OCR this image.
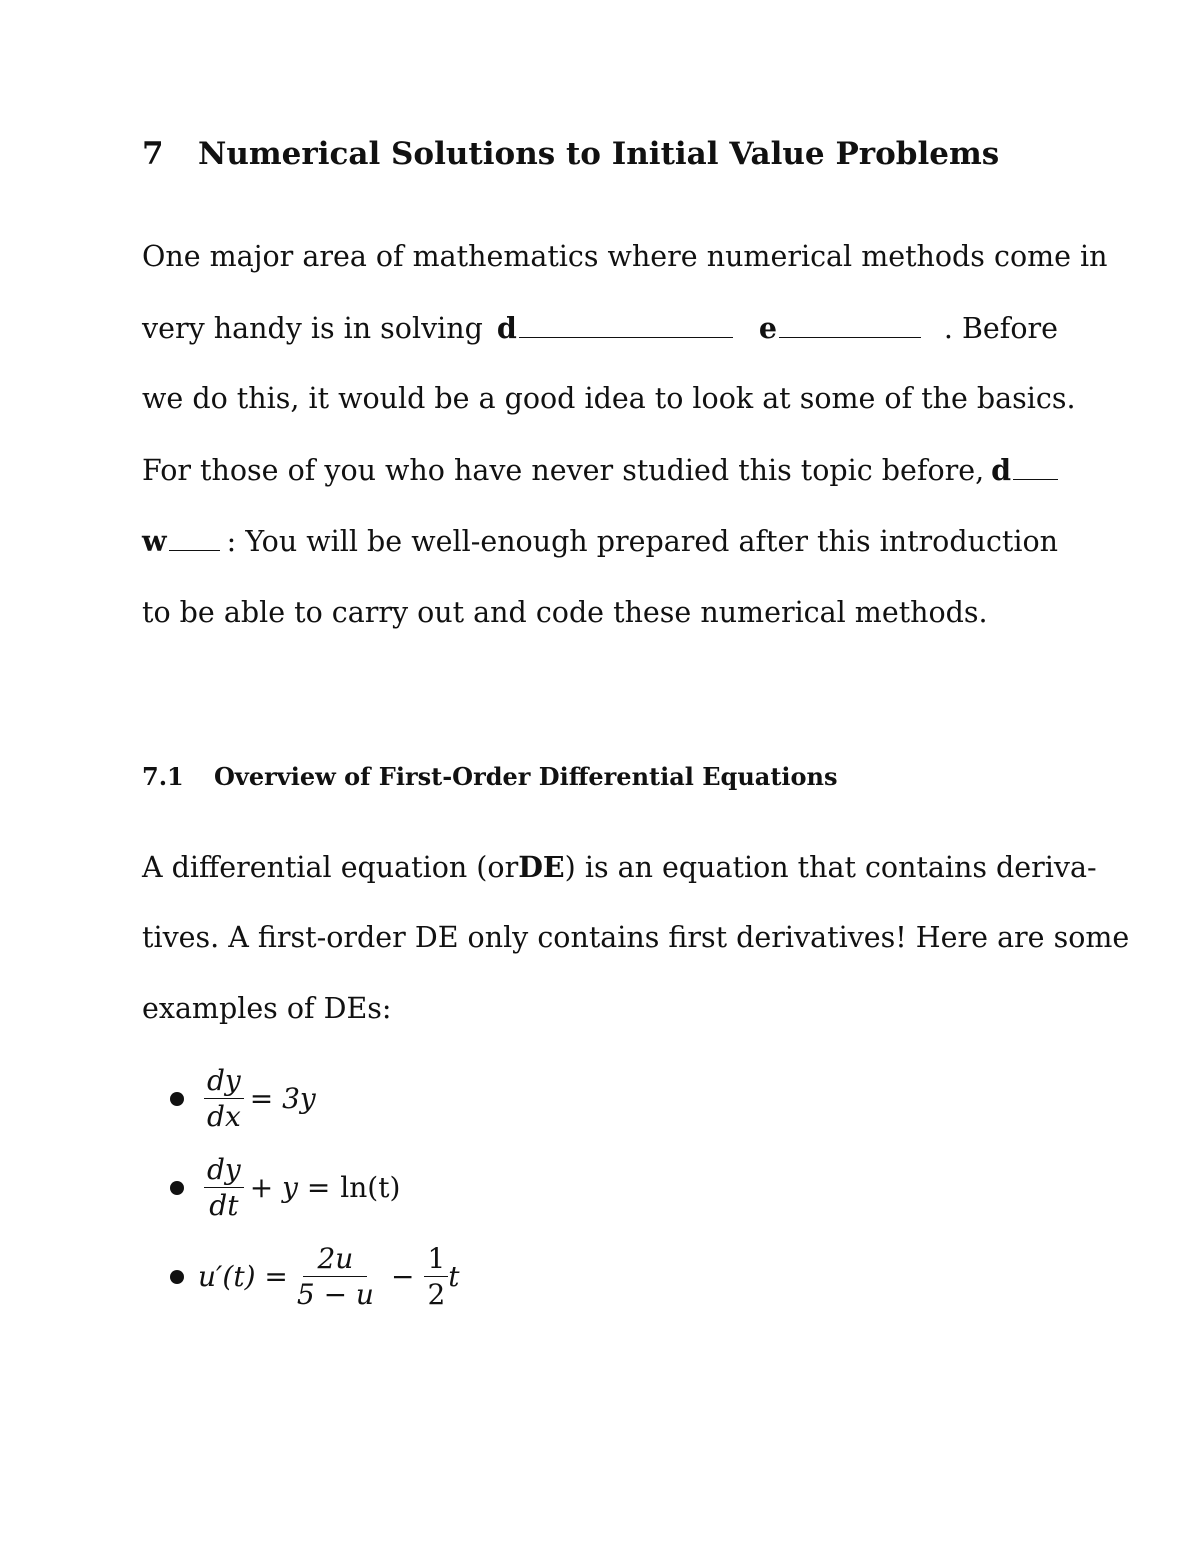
7 Numerical Solutions to Initial Value Problems
One major area of mathematics where numerical methods come in
very handy is in solving d	e	. Before
we do this, it would be a good idea to look at some of the basics.
For those of you who have never studied this topic before, d
w : You will be well-enough prepared after this introduction
to be able to carry out and code these numerical methods.
7.1 Overview of First-Order Differential Equations
A differential equation (or DE ) is an equation that contains deriva-
tives. A first-order DE only contains first derivatives! Here are some
examples of DEs:
$\frac{dy}{dx} = 3y$
$\frac{dy}{dt} + y = \ln(t)$
$u'(t) = \frac{2u}{5 - u} - \frac{1}{2}$ t
